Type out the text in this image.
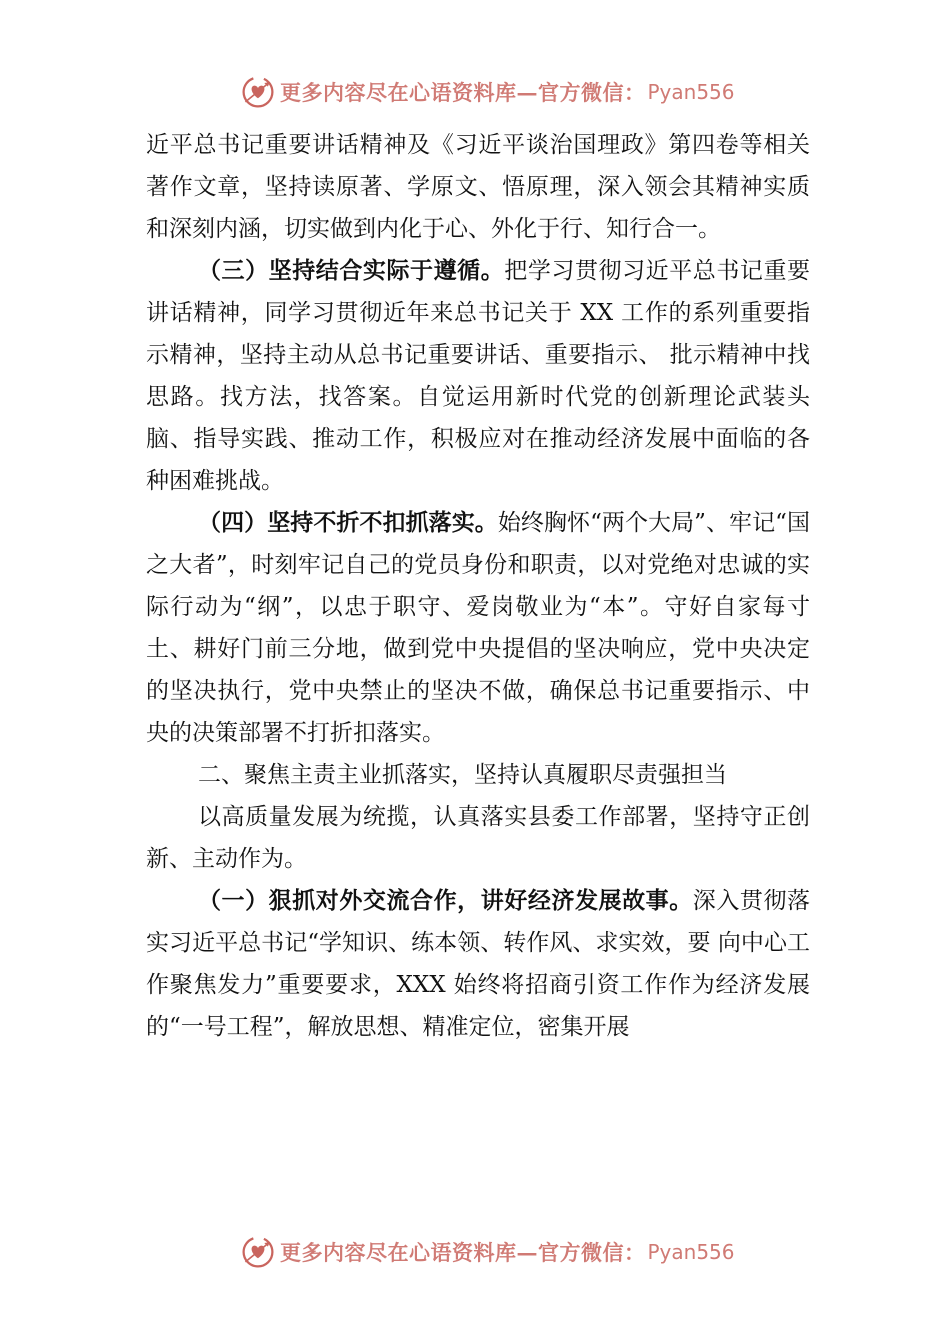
更多内容尽在心语资料库—官方微信： Pyan556

近平总书记重要讲话精神及《习近平谈治国理政》第四卷等相关著作文章，坚持读原著、学原文、悟原理，深入领会其精神实质和深刻内涵，切实做到内化于心、外化于行、知行合一。

（三）坚持结合实际于遵循。把学习贯彻习近平总书记重要讲话精神，同学习贯彻近年来总书记关于 XX 工作的系列重要指示精神，坚持主动从总书记重要讲话、重要指示、 批示精神中找思路。找方法，找答案。自觉运用新时代党的创新理论武装头脑、指导实践、推动工作，积极应对在推动经济发展中面临的各种困难挑战。

（四）坚持不折不扣抓落实。始终胸怀“两个大局”、牢记“国之大者”，时刻牢记自己的党员身份和职责，以对党绝对忠诚的实际行动为“纲”，以忠于职守、爱岗敬业为“本”。守好自家每寸土、耕好门前三分地，做到党中央提倡的坚决响应，党中央决定的坚决执行，党中央禁止的坚决不做，确保总书记重要指示、中央的决策部署不打折扣落实。

二、聚焦主责主业抓落实，坚持认真履职尽责强担当

以高质量发展为统揽，认真落实县委工作部署，坚持守正创新、主动作为。

（一）狠抓对外交流合作，讲好经济发展故事。深入贯彻落实习近平总书记“学知识、练本领、转作风、求实效，要 向中心工作聚焦发力”重要要求，XXX 始终将招商引资工作作为经济发展的“一号工程”，解放思想、精准定位，密集开展

更多内容尽在心语资料库—官方微信： Pyan556
